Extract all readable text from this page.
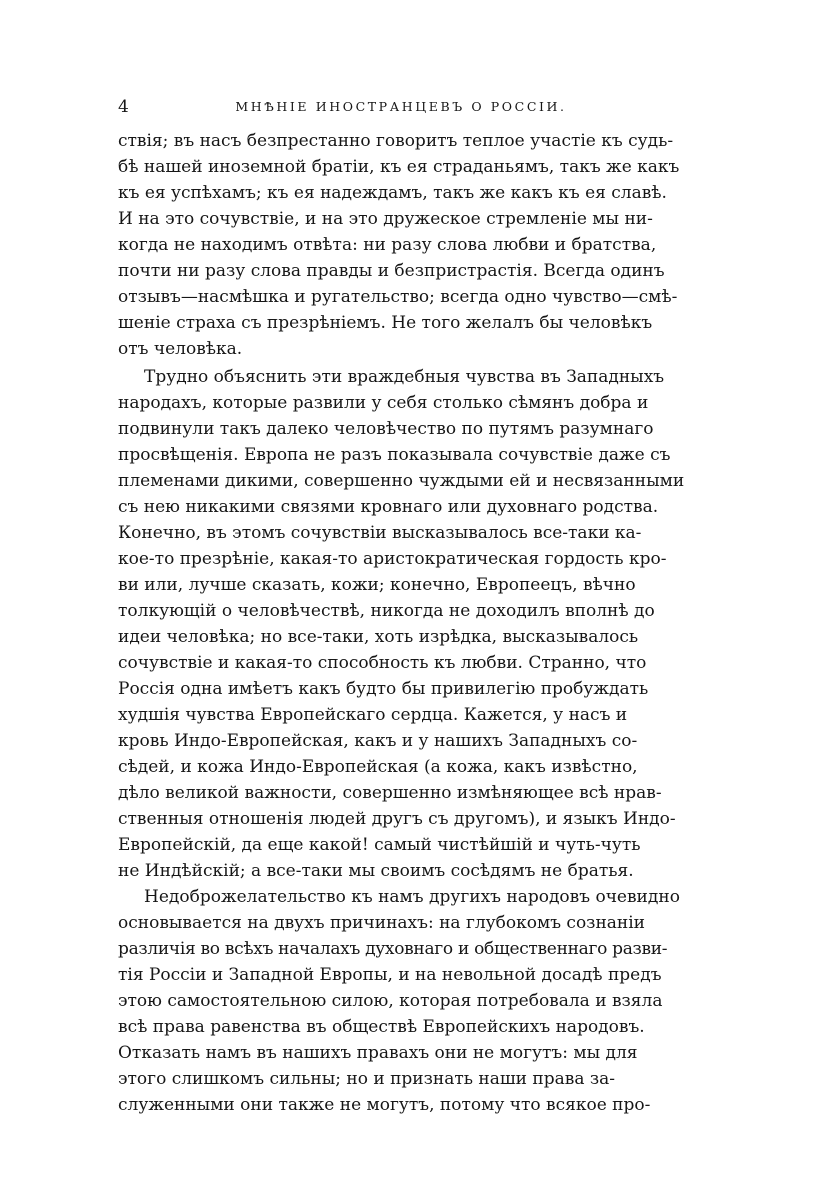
4	МНѢНІЕ ИНОСТРАНЦЕВЪ О РОССІИ.
ствія; въ насъ безпрестанно говоритъ теплое участіе къ судь-
бѣ нашей иноземной братіи, къ ея страданьямъ, такъ же какъ
къ ея успѣхамъ; къ ея надеждамъ, такъ же какъ къ ея славѣ.
И на это сочувствіе, и на это дружеское стремленіе мы ни-
когда не находимъ отвѣта: ни разу слова любви и братства,
почти ни разу слова правды и безпристрастія. Всегда одинъ
отзывъ—насмѣшка и ругательство; всегда одно чувство—смѣ-
шеніе страха съ презрѣніемъ. Не того желалъ бы человѣкъ
отъ человѣка.
Трудно объяснить эти враждебныя чувства въ Западныхъ
народахъ, которые развили у себя столько сѣмянъ добра и
подвинули такъ далеко человѣчество по путямъ разумнаго
просвѣщенія. Европа не разъ показывала сочувствіе даже съ
племенами дикими, совершенно чуждыми ей и несвязанными
съ нею никакими связями кровнаго или духовнаго родства.
Конечно, въ этомъ сочувствіи высказывалось все-таки ка-
кое-то презрѣніе, какая-то аристократическая гордость кро-
ви или, лучше сказать, кожи; конечно, Европеецъ, вѣчно
толкующій о человѣчествѣ, никогда не доходилъ вполнѣ до
идеи человѣка; но все-таки, хоть изрѣдка, высказывалось
сочувствіе и какая-то способность къ любви. Странно, что
Россія одна имѣетъ какъ будто бы привилегію пробуждать
худшія чувства Европейскаго сердца. Кажется, у насъ и
кровь Индо-Европейская, какъ и у нашихъ Западныхъ со-
сѣдей, и кожа Индо-Европейская (а кожа, какъ извѣстно,
дѣло великой важности, совершенно измѣняющее всѣ нрав-
ственныя отношенія людей другъ съ другомъ), и языкъ Индо-
Европейскій, да еще какой! самый чистѣйшій и чуть-чуть
не Индѣйскій; а все-таки мы своимъ сосѣдямъ не братья.
Недоброжелательство къ намъ другихъ народовъ очевидно
основывается на двухъ причинахъ: на глубокомъ сознаніи
различія во всѣхъ началахъ духовнаго и общественнаго разви-
тія Россіи и Западной Европы, и на невольной досадѣ предъ
этою самостоятельною силою, которая потребовала и взяла
всѣ права равенства въ обществѣ Европейскихъ народовъ.
Отказать намъ въ нашихъ правахъ они не могутъ: мы для
этого слишкомъ сильны; но и признать наши права за-
служенными они также не могутъ, потому что всякое про-
